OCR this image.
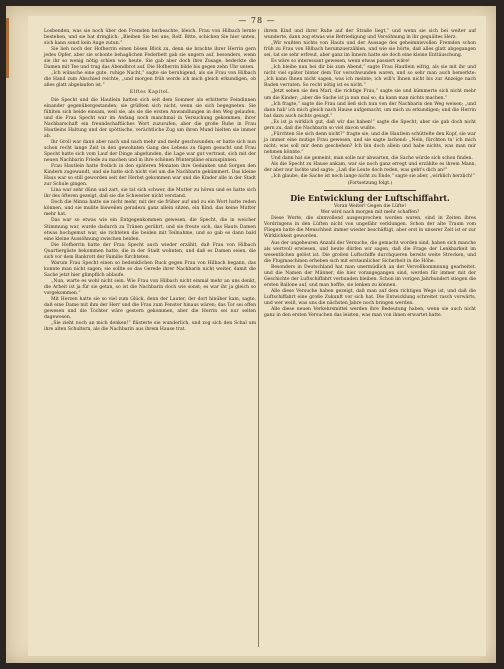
— 78 —

Losbenden, was sie noch über den Fremden herbeachte, bleich. Frau von Hilbach lernte bestehen, und sie bat dringlich: „Bleiben Sie bei uns, Rolf. Bitte, schicken Sie hier unten, sich kann sonst kein Auge zutun.“

Sie lieh noch der Hofherrin einen bösen Blick zu, denn sie brachte ihrer Herrin gern jedes Opfer, aber sie schonte behaglichen Federbett gab sie ungern auf, besonders, wenn sie ihr so wenig nötig schien wie heute. Sie gab aber doch ihre Zusage, bedeckte die Damen mit Tee und trug das Abendbrot auf. Die Hofherrin bilde bis gegen zehn Uhr unten.

„Ich wünsche eine gute, ruhige Nacht,“ sagte sie beruhigend, als sie Frau von Hilbach die Hand zum Abschied reichte, „und morgen früh werde ich mich gleich erkundigen, ob alles glatt abgelaufen ist.“

Elftes Kapitel.

Die Specht und die Hautlein hatten sich seit dem Sommer als erbitterte Feindinnen einander gegenübergestanden; sie grüßten sich nicht, wenn sie sich begegneten. Sie fühlten sich beide einsam, weil sie, als sie die ersten Anwandlungen in den Weg gelaufen, und die Frau Specht war im Anfang noch manchmal in Versuchung gekommen, ihrer Nachbarschaft ein freundschaftliches Wort zuzurufen, aber die große Ruhe in Frau Hautleins Haltung und der spöttische, verächtliche Zug um ihren Mund hielten sie immer ab.

Ihr Groll war dann aber nach und nach mehr und mehr geschwunden; er hatte sich nun schon recht lange Zeit in den gewohnten Gang des Lebens zu fügen gesucht und Frau Specht hatte sich vom Lauf der Dinge abgefunden, die Lage war gut vertraut, sich mit der neuen Nachbarin Friede zu machen und in ihre schönen Winterpläne einzuspinnen.

Frau Hautlein hatte freilich in den späteren Monaten ihre Gedanken und Sorgen den Kindern zugewandt, und sie hatte sich nicht viel um die Nachbarin gekümmert. Das kleine Haus war so still geworden seit der Herbst gekommen war und die Kinder alle in der Stadt zur Schule gingen.

Lina war sehr dünn und zart, sie tat sich schwer, die Mutter zu hören und es hatte sich ihr des öfteren gezeigt, daß sie die Schwester nicht verstand.

Doch die Minna hatte sie nicht mehr, mit der sie früher auf und zu ein Wort hatte reden können, und sie mußte bisweilen geradezu ganz allein sitzen, ein Kind, das keine Mutter mehr hat.

Das war so etwas wie ein Entgegenkommen gewesen, die Specht, die in weicher Stimmung war, wurde dadurch zu Tränen gerührt, und sie freute sich, das Hauts Damen etwas hochgemut war, sie richteten die beiden mit Teilnahme, und so gab es dann bald eine kleine Aussöhnung zwischen beiden.

Die Hofherrin hatte der Frau Specht auch wieder erzählt, daß Frau von Hilbach Quartiergäste bekommen hatte, die in der Stadt wohnten, und daß es Damen seien, die sich vor dem Bankrott der Familie fürchteten.

Warum Frau Specht einen so bedenklichen Ruck gegen Frau von Hilbach begann, das konnte man nicht sagen; sie sollte so das Gerede ihrer Nachbarin nicht weiter, damit die Sache jetzt hier glimpflich ablaufe.

„Nun, warte es wohl nicht sein. Wie Frau von Hilbach nicht einmal mehr an uns denkt, die Arbeit ist ja für sie getan, so ist die Nachbarin doch wie sonst; es war ihr ja gleich so vorgekommen.“

Mit Herzen hatte sie so viel zum Glück, denn der Lauter, der dort hinüber kam, sagte, daß eine Dame mit ihm der Herr und die Frau zum Fenster hinaus wären; das Tor sei offen gewesen und die Tochter wäre gestern gekommen, aber die Herrin sei nur selten dagewesen.

„Sie zieht noch an mich denken!“ flüsterte sie wunderlich, und zog sich den Schal um ihre alten Schultern, als die Nachbarin aus ihrem Hause trat.

ihrem Kind und ihrer Ruhe auf der Straße liegt,“ und wenn sie sich bei weiter auf wunderte, dann zog etwas wie Befriedigung und Versöhnung in ihr gequältes Herz.

„Wir wußten nichts von Hauts und der Aussage des geheimnisvollen Fremden schon früh zu Frau von Hilbach herumzuerzählen, und wie sie hörte, daß alles glatt abgegangen sei, tat sie sehr erfreut, aber ganz im Innern hatte sie doch eine kleine Enttäuschung.

Es wäre so interessant gewesen, wenn etwas passiert wäre!

„Ich bleibe nun bei dir bis zum Abend,“ sagte Frau Hautlein eifrig, als sie mit ihr und nicht viel später hinter dem Tor verschwunden waren, und so sehr man auch bemerkte: „Ich kann Ihnen nicht sagen, was ich meinte; ich will's Ihnen nicht bis zur Anzeige nach Baden verraten. So recht nötig ist es nicht.“

„Jetzt sehen sie den Marl, die richtige Frau,“ sagte sie und kümmerte sich nicht mehr um die Kinder; „aber die Sache ist ja nun mal so, da kann man nichts machen.“

„Ich fragte,“ sagte die Frau und ließ sich nun von der Nachbarin den Weg weisen; „und dann hab' ich mich gleich nach Hause aufgemacht, um mich zu erkundigen; und die Herrin hat dazu auch nichts gesagt.“

„Es ist ja wirklich gut, daß wir das haben!“ sagte die Specht, aber sie gab doch nicht gern zu, daß die Nachbarin so viel davon wußte.

„Fürchten Sie sich denn nicht?“ fragte sie, und die Hautlein schüttelte den Kopf, sie war ja immer eine mutige Frau gewesen, und sie sagte lachend: „Nein, fürchten tu' ich mich nicht; was soll mir denn geschehen? Ich bin doch allein und habe nichts, was man mir nehmen könnte.“

Und dann hat sie gemeint, man solle nur abwarten, die Sache würde sich schon finden.

Als die Specht zu Hause ankam, war sie noch ganz erregt und erzählte es ihrem Mann, der aber nur lachte und sagte: „Laß die Leute doch reden, was geht's dich an!“

„Ich glaube, die Sache ist noch lange nicht zu Ende,“ sagte sie aber, „wirklich herzlich!“

(Fortsetzung folgt.)

Die Entwicklung der Luftschiffahrt.

Voran Weiter! Gegen die Lüfte!

Wer wird nach morgen mit mehr schaffen?

Diese Worte, die sinnvollend ausgesprochen worden waren, sind in Zeiten ihres Vordringens in den Lüften nicht von ungefähr verklungen. Schon der alte Traum vom Fliegen hatte die Menschheit immer wieder beschäftigt, aber erst in unserer Zeit ist er zur Wirklichkeit geworden.

Aus der ungeheuren Anzahl der Versuche, die gemacht worden sind, haben sich manche als wertvoll erwiesen, und heute dürfen wir sagen, daß die Frage der Lenkbarkeit im wesentlichen gelöst ist. Die großen Luftschiffe durchqueren bereits weite Strecken, und die Flugmaschinen erheben sich mit erstaunlicher Sicherheit in die Höhe.

Besonders in Deutschland hat man unermüdlich an der Vervollkommnung gearbeitet, und die Namen der Männer, die hier vorangegangen sind, werden für immer mit der Geschichte der Luftschiffahrt verbunden bleiben. Schon im vorigen Jahrhundert stiegen die ersten Ballone auf, und man hoffte, sie lenken zu können.

Alle diese Versuche haben gezeigt, daß man auf dem richtigen Wege ist, und daß die Luftschiffahrt eine große Zukunft vor sich hat. Die Entwicklung schreitet rasch vorwärts, und wer weiß, was uns die nächsten Jahre noch bringen werden.

Alle diese neuen Verkehrsmittel werden ihre Bedeutung haben, wenn sie auch nicht ganz in den ersten Versuchen das leisten, was man von ihnen erwartet hatte.
